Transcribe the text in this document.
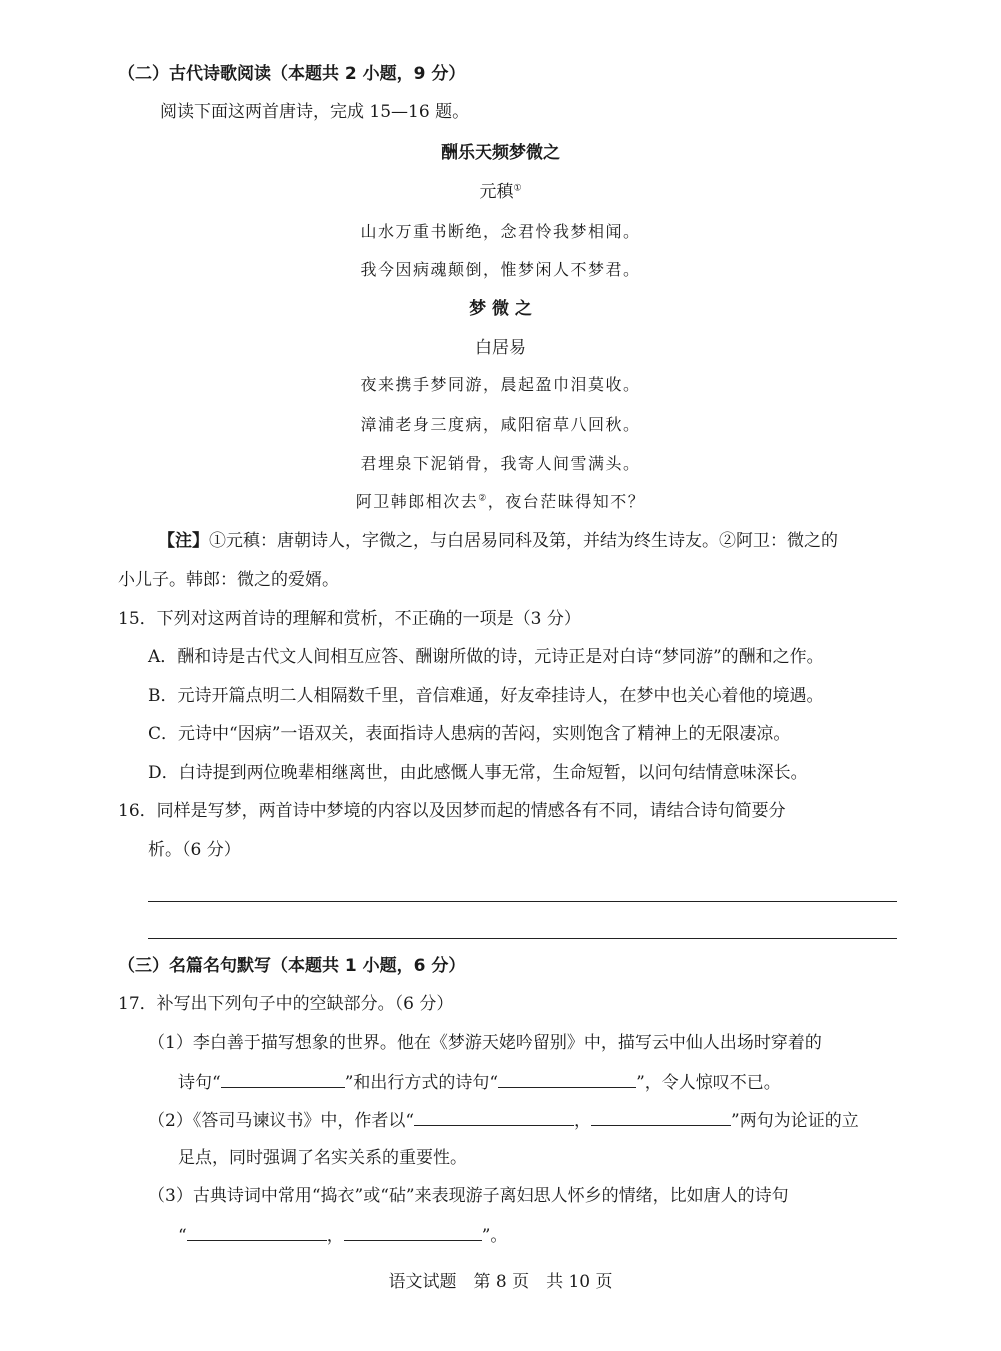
（二）古代诗歌阅读（本题共 2 小题，9 分）
阅读下面这两首唐诗，完成 15—16 题。
酬乐天频梦微之
元稹①
山水万重书断绝，念君怜我梦相闻。
我今因病魂颠倒，惟梦闲人不梦君。
梦 微 之
白居易
夜来携手梦同游，晨起盈巾泪莫收。
漳浦老身三度病，咸阳宿草八回秋。
君埋泉下泥销骨，我寄人间雪满头。
阿卫韩郎相次去②，夜台茫昧得知不？
【注】①元稹：唐朝诗人，字微之，与白居易同科及第，并结为终生诗友。②阿卫：微之的
小儿子。韩郎：微之的爱婿。
15．下列对这两首诗的理解和赏析，不正确的一项是（3 分）
A．酬和诗是古代文人间相互应答、酬谢所做的诗，元诗正是对白诗“梦同游”的酬和之作。
B．元诗开篇点明二人相隔数千里，音信难通，好友牵挂诗人，在梦中也关心着他的境遇。
C．元诗中“因病”一语双关，表面指诗人患病的苦闷，实则饱含了精神上的无限凄凉。
D．白诗提到两位晚辈相继离世，由此感慨人事无常，生命短暂，以问句结情意味深长。
16．同样是写梦，两首诗中梦境的内容以及因梦而起的情感各有不同，请结合诗句简要分
析。（6 分）
（三）名篇名句默写（本题共 1 小题，6 分）
17．补写出下列句子中的空缺部分。（6 分）
（1）李白善于描写想象的世界。他在《梦游天姥吟留别》中，描写云中仙人出场时穿着的
诗句“	”和出行方式的诗句“	”，令人惊叹不已。
（2）《答司马谏议书》中，作者以“	，	”两句为论证的立
足点，同时强调了名实关系的重要性。
（3）古典诗词中常用“捣衣”或“砧”来表现游子离妇思人怀乡的情绪，比如唐人的诗句
“	，	”。
语文试题　第 8 页　共 10 页
